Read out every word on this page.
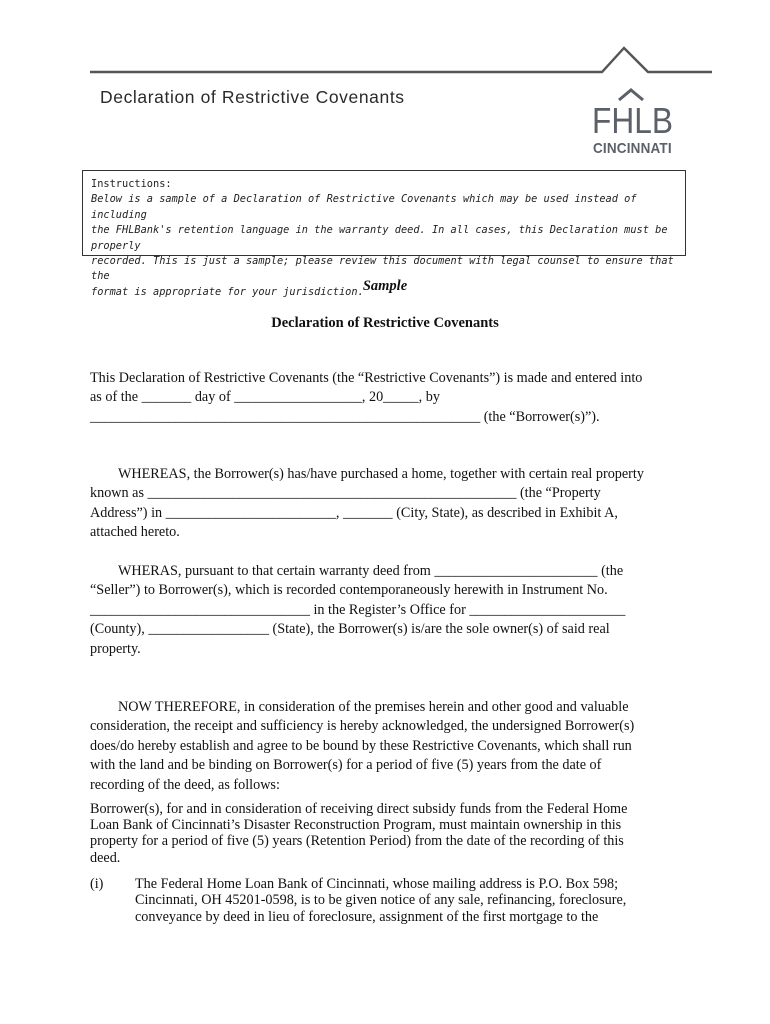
Declaration of Restrictive Covenants
FHLB
CINCINNATI
Instructions:
Below is a sample of a Declaration of Restrictive Covenants which may be used instead of including
the FHLBank's retention language in the warranty deed. In all cases, this Declaration must be properly
recorded. This is just a sample; please review this document with legal counsel to ensure that the
format is appropriate for your jurisdiction. Sample
Declaration of Restrictive Covenants
This Declaration of Restrictive Covenants (the “Restrictive Covenants”) is made and entered into
as of the _______ day of __________________, 20_____, by
_______________________________________________________ (the “Borrower(s)”).
WHEREAS, the Borrower(s) has/have purchased a home, together with certain real property
known as ____________________________________________________ (the “Property
Address”) in ________________________, _______ (City, State), as described in Exhibit A,
attached hereto.
WHERAS, pursuant to that certain warranty deed from _______________________ (the
“Seller”) to Borrower(s), which is recorded contemporaneously herewith in Instrument No.
_______________________________ in the Register’s Office for ______________________
(County), _________________ (State), the Borrower(s) is/are the sole owner(s) of said real
property.
NOW THEREFORE, in consideration of the premises herein and other good and valuable
consideration, the receipt and sufficiency is hereby acknowledged, the undersigned Borrower(s)
does/do hereby establish and agree to be bound by these Restrictive Covenants, which shall run
with the land and be binding on Borrower(s) for a period of five (5) years from the date of
recording of the deed, as follows:
Borrower(s), for and in consideration of receiving direct subsidy funds from the Federal Home
Loan Bank of Cincinnati’s Disaster Reconstruction Program, must maintain ownership in this
property for a period of five (5) years (Retention Period) from the date of the recording of this
deed.
(i) The Federal Home Loan Bank of Cincinnati, whose mailing address is P.O. Box 598;
Cincinnati, OH 45201-0598, is to be given notice of any sale, refinancing, foreclosure,
conveyance by deed in lieu of foreclosure, assignment of the first mortgage to the
